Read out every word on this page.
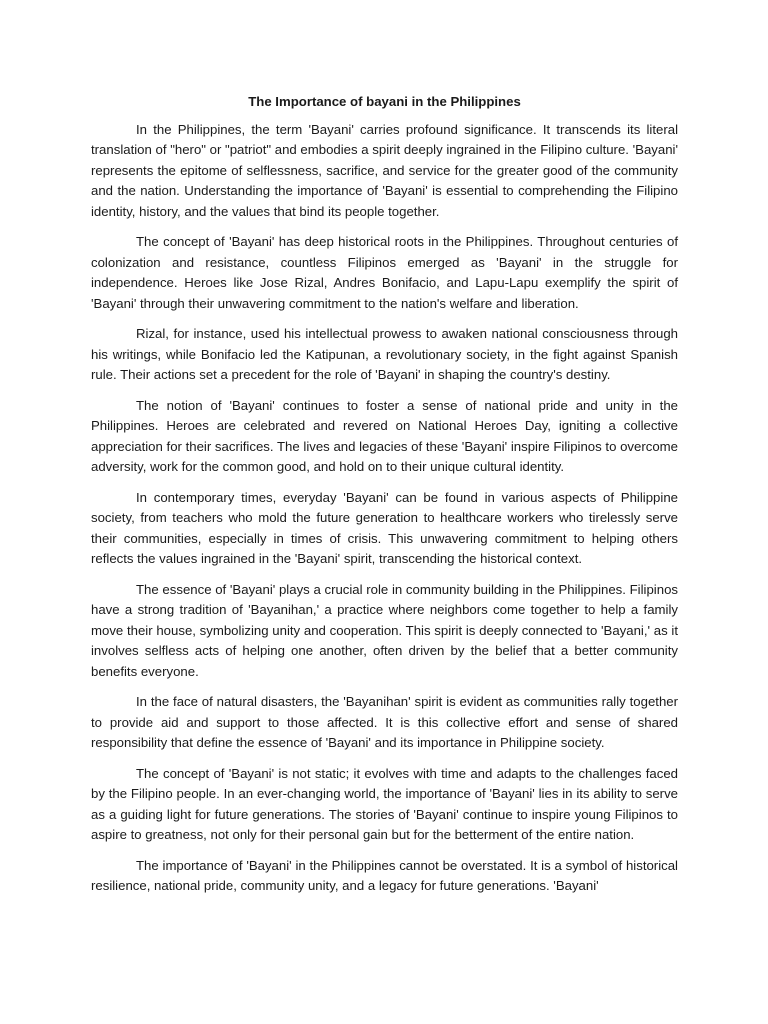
The Importance of bayani in the Philippines

In the Philippines, the term 'Bayani' carries profound significance. It transcends its literal translation of "hero" or "patriot" and embodies a spirit deeply ingrained in the Filipino culture. 'Bayani' represents the epitome of selflessness, sacrifice, and service for the greater good of the community and the nation. Understanding the importance of 'Bayani' is essential to comprehending the Filipino identity, history, and the values that bind its people together.

The concept of 'Bayani' has deep historical roots in the Philippines. Throughout centuries of colonization and resistance, countless Filipinos emerged as 'Bayani' in the struggle for independence. Heroes like Jose Rizal, Andres Bonifacio, and Lapu-Lapu exemplify the spirit of 'Bayani' through their unwavering commitment to the nation's welfare and liberation.

Rizal, for instance, used his intellectual prowess to awaken national consciousness through his writings, while Bonifacio led the Katipunan, a revolutionary society, in the fight against Spanish rule. Their actions set a precedent for the role of 'Bayani' in shaping the country's destiny.

The notion of 'Bayani' continues to foster a sense of national pride and unity in the Philippines. Heroes are celebrated and revered on National Heroes Day, igniting a collective appreciation for their sacrifices. The lives and legacies of these 'Bayani' inspire Filipinos to overcome adversity, work for the common good, and hold on to their unique cultural identity.

In contemporary times, everyday 'Bayani' can be found in various aspects of Philippine society, from teachers who mold the future generation to healthcare workers who tirelessly serve their communities, especially in times of crisis. This unwavering commitment to helping others reflects the values ingrained in the 'Bayani' spirit, transcending the historical context.

The essence of 'Bayani' plays a crucial role in community building in the Philippines. Filipinos have a strong tradition of 'Bayanihan,' a practice where neighbors come together to help a family move their house, symbolizing unity and cooperation. This spirit is deeply connected to 'Bayani,' as it involves selfless acts of helping one another, often driven by the belief that a better community benefits everyone.

In the face of natural disasters, the 'Bayanihan' spirit is evident as communities rally together to provide aid and support to those affected. It is this collective effort and sense of shared responsibility that define the essence of 'Bayani' and its importance in Philippine society.

The concept of 'Bayani' is not static; it evolves with time and adapts to the challenges faced by the Filipino people. In an ever-changing world, the importance of 'Bayani' lies in its ability to serve as a guiding light for future generations. The stories of 'Bayani' continue to inspire young Filipinos to aspire to greatness, not only for their personal gain but for the betterment of the entire nation.

The importance of 'Bayani' in the Philippines cannot be overstated. It is a symbol of historical resilience, national pride, community unity, and a legacy for future generations. 'Bayani'
